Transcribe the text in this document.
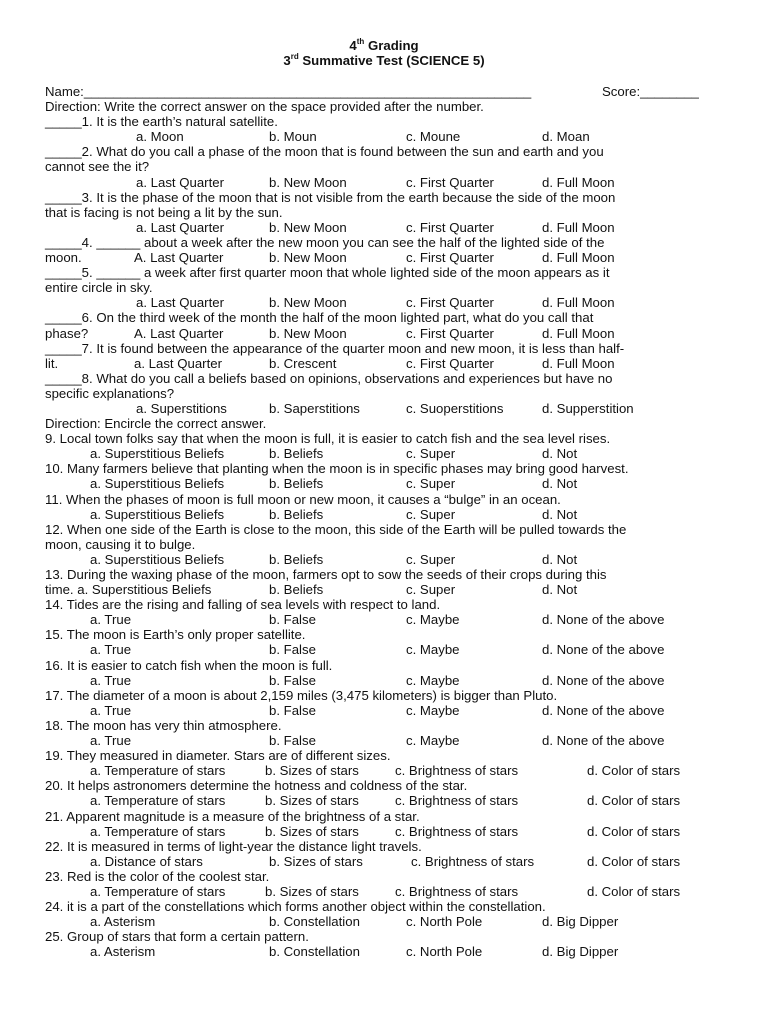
4th Grading
3rd Summative Test (SCIENCE 5)
Name:_____________________________________________________________	Score:________
Direction: Write the correct answer on the space provided after the number.
_____1. It is the earth’s natural satellite.
a. Moon	b. Moun	c. Moune	d. Moan
_____2. What do you call a phase of the moon that is found between the sun and earth and you
cannot see the it?
a. Last Quarter	b. New Moon	c. First Quarter	d. Full Moon
_____3. It is the phase of the moon that is not visible from the earth because the side of the moon
that is facing is not being a lit by the sun.
a. Last Quarter	b. New Moon	c. First Quarter	d. Full Moon
_____4. ______ about a week after the new moon you can see the half of the lighted side of the
moon.	A. Last Quarter	b. New Moon	c. First Quarter	d. Full Moon
_____5. ______ a week after first quarter moon that whole lighted side of the moon appears as it
entire circle in sky.
a. Last Quarter	b. New Moon	c. First Quarter	d. Full Moon
_____6. On the third week of the month the half of the moon lighted part, what do you call that
phase?	A. Last Quarter	b. New Moon	c. First Quarter	d. Full Moon
_____7. It is found between the appearance of the quarter moon and new moon, it is less than half-
lit.	a. Last Quarter	b. Crescent	c. First Quarter	d. Full Moon
_____8. What do you call a beliefs based on opinions, observations and experiences but have no
specific explanations?
a. Superstitions	b. Saperstitions	c. Suoperstitions	d. Supperstition
Direction: Encircle the correct answer.
9. Local town folks say that when the moon is full, it is easier to catch fish and the sea level rises.
a. Superstitious Beliefs	b. Beliefs	c. Super	d. Not
10. Many farmers believe that planting when the moon is in specific phases may bring good harvest.
a. Superstitious Beliefs	b. Beliefs	c. Super	d. Not
11. When the phases of moon is full moon or new moon, it causes a “bulge” in an ocean.
a. Superstitious Beliefs	b. Beliefs	c. Super	d. Not
12. When one side of the Earth is close to the moon, this side of the Earth will be pulled towards the
moon, causing it to bulge.
a. Superstitious Beliefs	b. Beliefs	c. Super	d. Not
13. During the waxing phase of the moon, farmers opt to sow the seeds of their crops during this
time. a. Superstitious Beliefs	b. Beliefs	c. Super	d. Not
14. Tides are the rising and falling of sea levels with respect to land.
a. True	b. False	c. Maybe	d. None of the above
15. The moon is Earth’s only proper satellite.
a. True	b. False	c. Maybe	d. None of the above
16. It is easier to catch fish when the moon is full.
a. True	b. False	c. Maybe	d. None of the above
17. The diameter of a moon is about 2,159 miles (3,475 kilometers) is bigger than Pluto.
a. True	b. False	c. Maybe	d. None of the above
18. The moon has very thin atmosphere.
a. True	b. False	c. Maybe	d. None of the above
19. They measured in diameter. Stars are of different sizes.
a. Temperature of stars	b. Sizes of stars	c. Brightness of stars	d. Color of stars
20. It helps astronomers determine the hotness and coldness of the star.
a. Temperature of stars	b. Sizes of stars	c. Brightness of stars	d. Color of stars
21. Apparent magnitude is a measure of the brightness of a star.
a. Temperature of stars	b. Sizes of stars	c. Brightness of stars	d. Color of stars
22. It is measured in terms of light-year the distance light travels.
a. Distance of stars	b. Sizes of stars	c. Brightness of stars	d. Color of stars
23. Red is the color of the coolest star.
a. Temperature of stars	b. Sizes of stars	c. Brightness of stars	d. Color of stars
24. it is a part of the constellations which forms another object within the constellation.
a. Asterism	b. Constellation	c. North Pole	d. Big Dipper
25. Group of stars that form a certain pattern.
a. Asterism	b. Constellation	c. North Pole	d. Big Dipper
